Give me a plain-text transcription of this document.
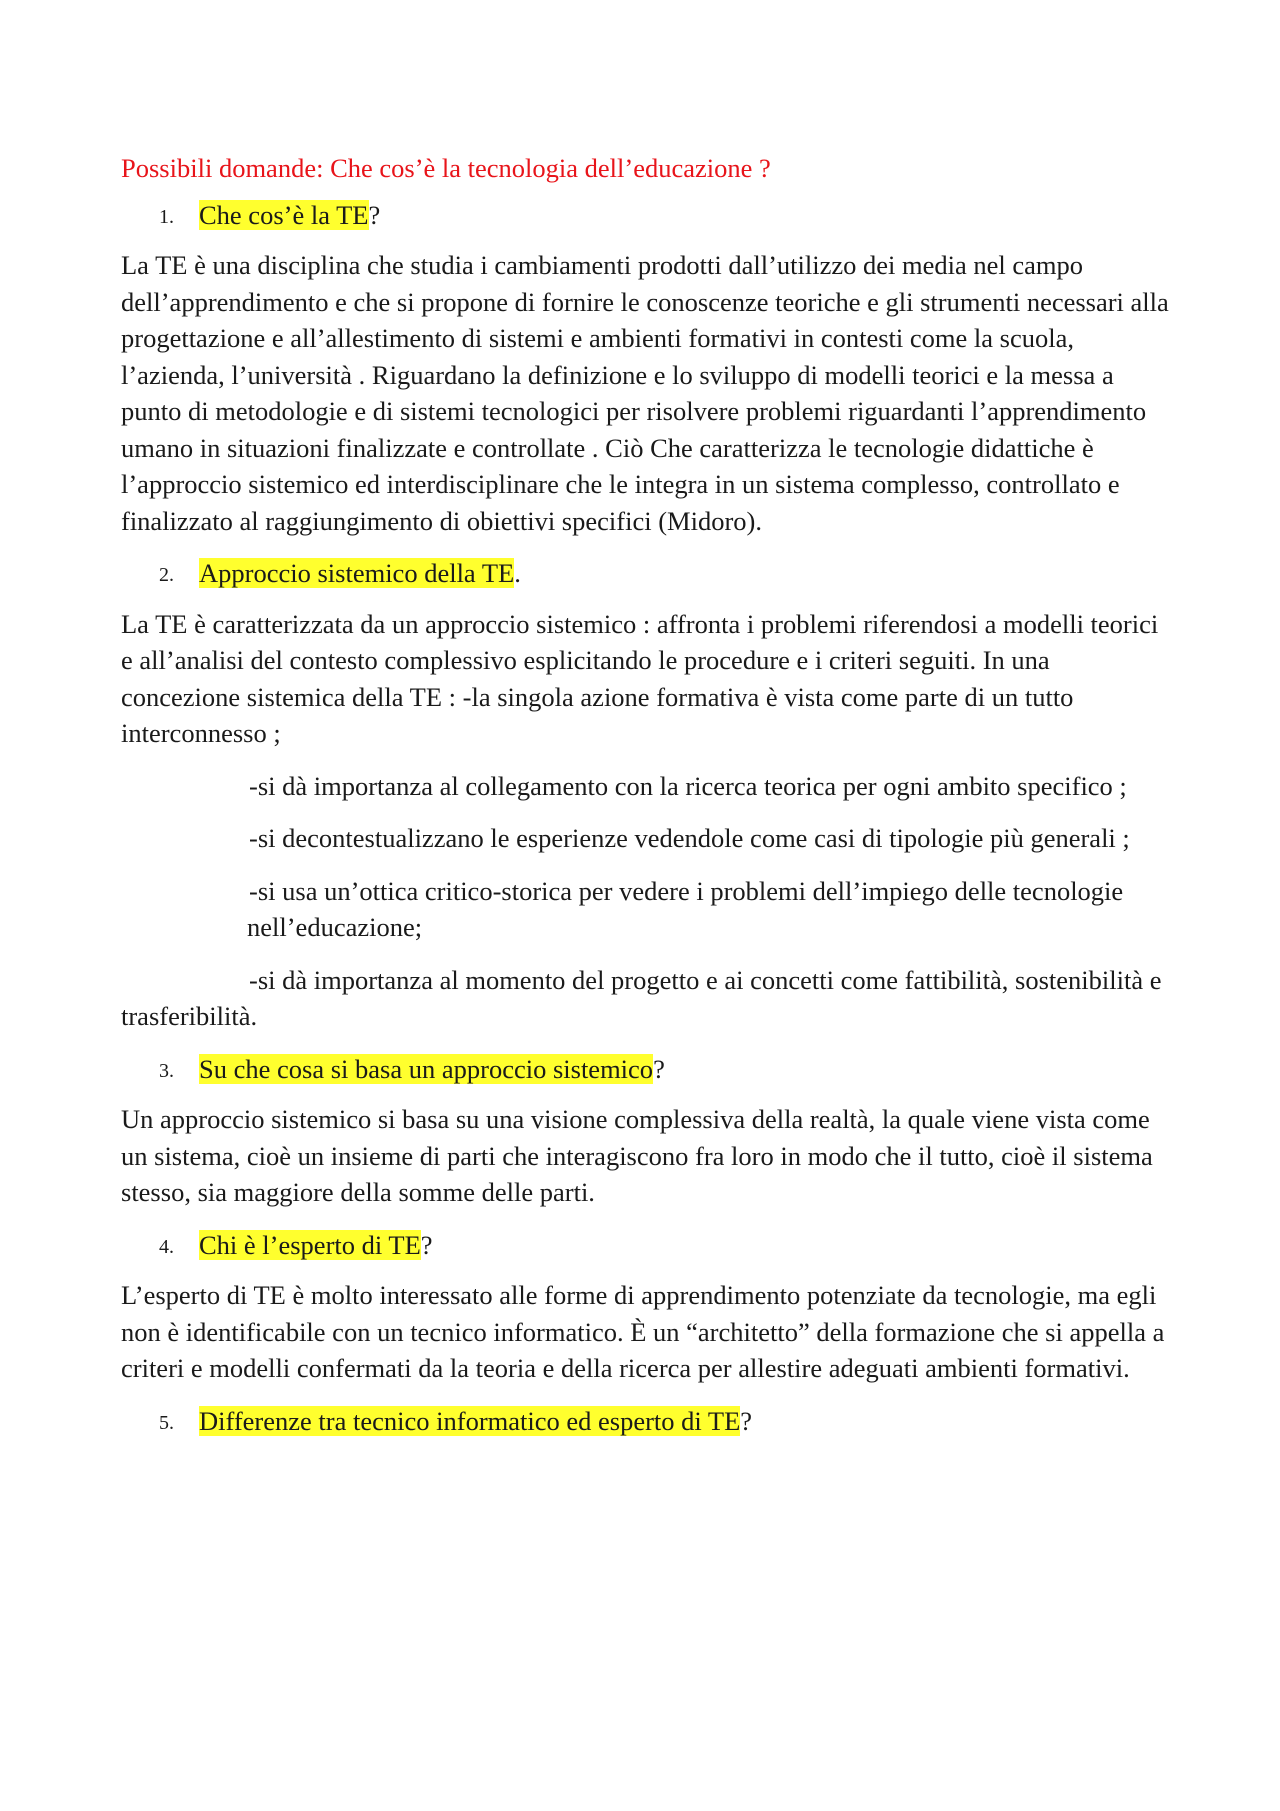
Possibili domande: Che cos’è la tecnologia dell’educazione ?

1. Che cos’è la TE?

La TE è una disciplina che studia i cambiamenti prodotti dall’utilizzo dei media nel campo dell’apprendimento e che si propone di fornire le conoscenze teoriche e gli strumenti necessari alla progettazione e all’allestimento di sistemi e ambienti formativi in contesti come la scuola, l’azienda, l’università . Riguardano la definizione e lo sviluppo di modelli teorici e la messa a punto di metodologie e di sistemi tecnologici per risolvere problemi riguardanti l’apprendimento umano in situazioni finalizzate e controllate . Ciò Che caratterizza le tecnologie didattiche è l’approccio sistemico ed interdisciplinare che le integra in un sistema complesso, controllato e finalizzato al raggiungimento di obiettivi specifici (Midoro).

2. Approccio sistemico della TE.

La TE è caratterizzata da un approccio sistemico : affronta i problemi riferendosi a modelli teorici e all’analisi del contesto complessivo esplicitando le procedure e i criteri seguiti. In una concezione sistemica della TE : -la singola azione formativa è vista come parte di un tutto interconnesso ;

-si dà importanza al collegamento con la ricerca teorica per ogni ambito specifico ;

-si decontestualizzano le esperienze vedendole come casi di tipologie più generali ;

-si usa un’ottica critico-storica per vedere i problemi dell’impiego delle tecnologienell’educazione;

-si dà importanza al momento del progetto e ai concetti come fattibilità, sostenibilità e trasferibilità.

3. Su che cosa si basa un approccio sistemico?

Un approccio sistemico si basa su una visione complessiva della realtà, la quale viene vista come un sistema, cioè un insieme di parti che interagiscono fra loro in modo che il tutto, cioè il sistema stesso, sia maggiore della somme delle parti.

4. Chi è l’esperto di TE?

L’esperto di TE è molto interessato alle forme di apprendimento potenziate da tecnologie, ma egli non è identificabile con un tecnico informatico. È un “architetto” della formazione che si appella a criteri e modelli confermati da la teoria e della ricerca per allestire adeguati ambienti formativi.

5. Differenze tra tecnico informatico ed esperto di TE?
